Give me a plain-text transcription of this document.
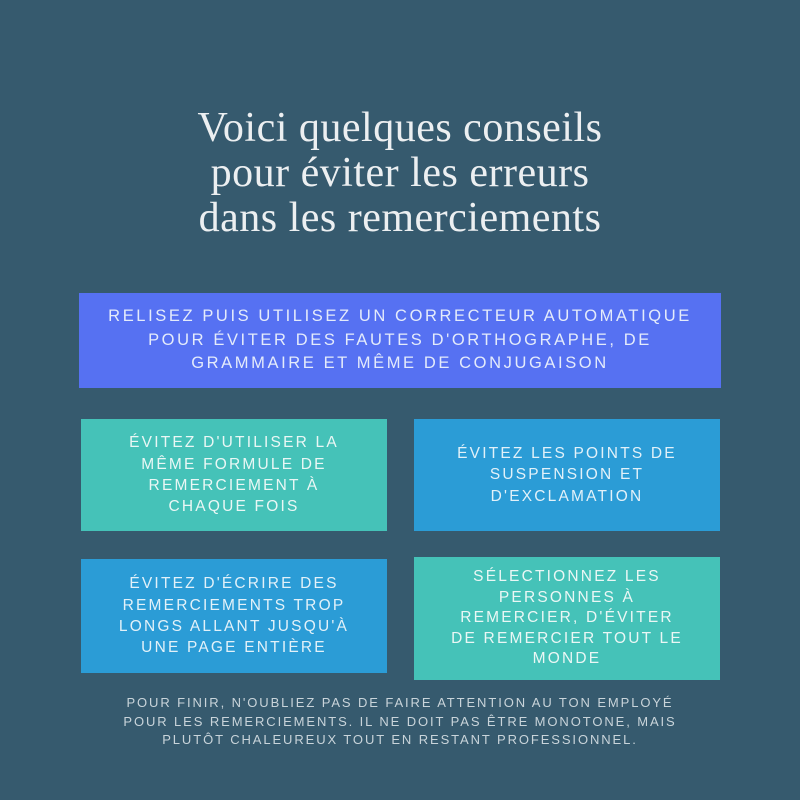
Voici quelques conseils
pour éviter les erreurs
dans les remerciements
RELISEZ PUIS UTILISEZ UN CORRECTEUR AUTOMATIQUE
POUR ÉVITER DES FAUTES D'ORTHOGRAPHE, DE
GRAMMAIRE ET MÊME DE CONJUGAISON
ÉVITEZ D'UTILISER LA
MÊME FORMULE DE
REMERCIEMENT À
CHAQUE FOIS
ÉVITEZ LES POINTS DE
SUSPENSION ET
D'EXCLAMATION
ÉVITEZ D'ÉCRIRE DES
REMERCIEMENTS TROP
LONGS ALLANT JUSQU'À
UNE PAGE ENTIÈRE
SÉLECTIONNEZ LES
PERSONNES À
REMERCIER, D'ÉVITER
DE REMERCIER TOUT LE
MONDE
POUR FINIR, N'OUBLIEZ PAS DE FAIRE ATTENTION AU TON EMPLOYÉ
POUR LES REMERCIEMENTS. IL NE DOIT PAS ÊTRE MONOTONE, MAIS
PLUTÔT CHALEUREUX TOUT EN RESTANT PROFESSIONNEL.
